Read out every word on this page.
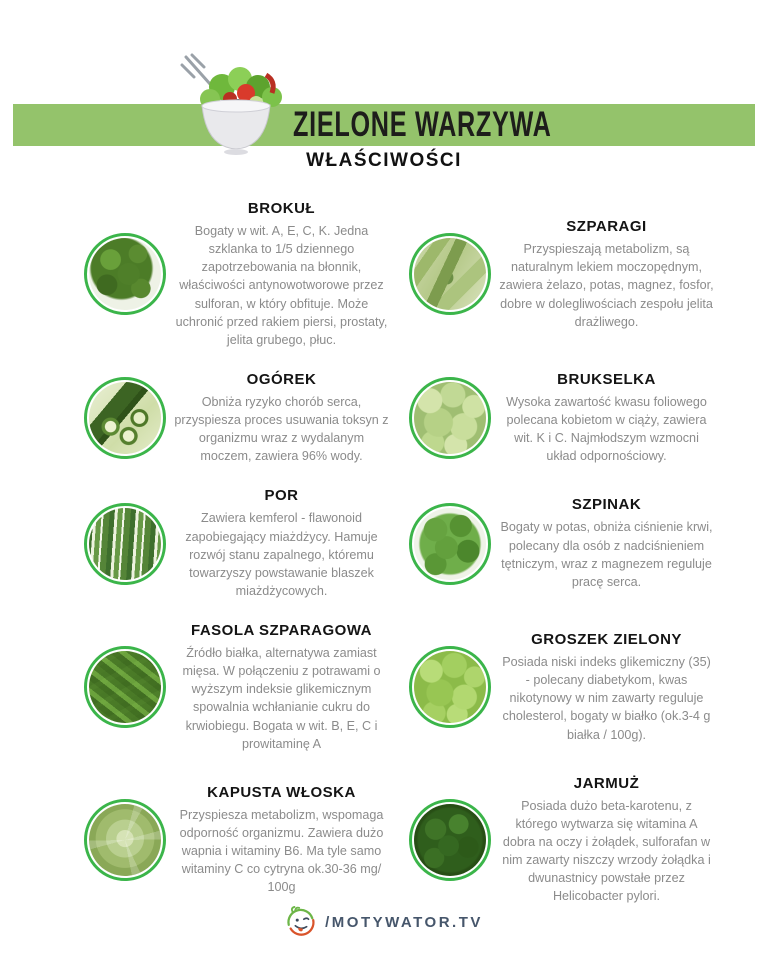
ZIELONE WARZYWA
WŁAŚCIWOŚCI

BROKUŁ

Bogaty w wit. A, E, C, K. Jedna szklanka to 1/5 dziennego zapotrzebowania na błonnik, właściwości antynowotworowe przez sulforan, w który obfituje. Może uchronić przed rakiem piersi, prostaty, jelita grubego, płuc.

SZPARAGI

Przyspieszają metabolizm, są naturalnym lekiem moczopędnym, zawiera żelazo, potas, magnez, fosfor, dobre w dolegliwościach zespołu jelita drażliwego.

OGÓREK

Obniża ryzyko chorób serca, przyspiesza proces usuwania toksyn z organizmu wraz z wydalanym moczem, zawiera 96% wody.

BRUKSELKA

Wysoka zawartość kwasu foliowego polecana kobietom w ciąży, zawiera wit. K i C. Najmłodszym wzmocni układ odpornościowy.

POR

Zawiera kemferol - flawonoid zapobiegający miażdżycy. Hamuje rozwój stanu zapalnego, któremu towarzyszy powstawanie blaszek miażdżycowych.

SZPINAK

Bogaty w potas, obniża ciśnienie krwi, polecany dla osób z nadciśnieniem tętniczym, wraz z magnezem reguluje pracę serca.

FASOLA SZPARAGOWA

Źródło białka, alternatywa zamiast mięsa. W połączeniu z potrawami o wyższym indeksie glikemicznym spowalnia wchłanianie cukru do krwiobiegu. Bogata w wit. B, E, C i prowitaminę A

GROSZEK ZIELONY

Posiada niski indeks glikemiczny (35) - polecany diabetykom, kwas nikotynowy w nim zawarty reguluje cholesterol, bogaty w białko (ok.3-4 g białka / 100g).

KAPUSTA WŁOSKA

Przyspiesza metabolizm, wspomaga odporność organizmu. Zawiera dużo wapnia i witaminy B6. Ma tyle samo witaminy C co cytryna ok.30-36 mg/ 100g

JARMUŻ

Posiada dużo beta-karotenu, z którego wytwarza się witamina A dobra na oczy i żołądek, sulforafan w nim zawarty niszczy wrzody żołądka i dwunastnicy powstałe przez Helicobacter pylori.

/MOTYWATOR.TV
